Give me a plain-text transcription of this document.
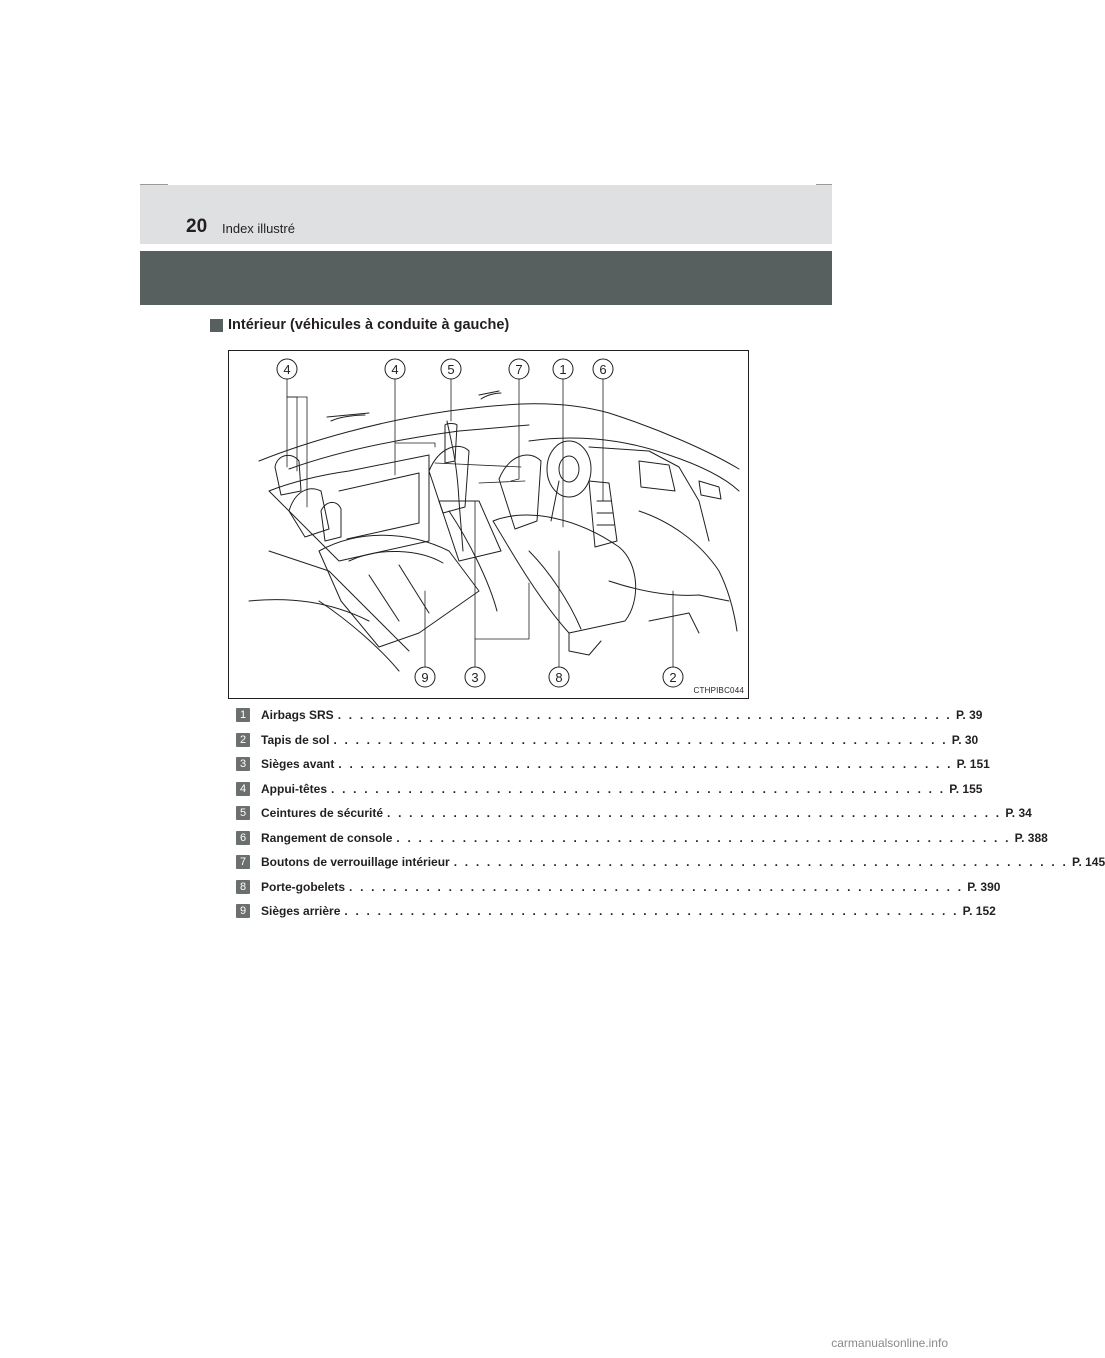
20 Index illustré
Intérieur (véhicules à conduite à gauche)
4	4	5	7	1	6
9	3	8	2
CTHPIBC044
1	Airbags SRS . . . . . . . . . . . . . . . . . . . . . . . . . . . . . . . . . . . . . . . . . . . . . . . . . . . . . . . . P. 39
2	Tapis de sol . . . . . . . . . . . . . . . . . . . . . . . . . . . . . . . . . . . . . . . . . . . . . . . . . . . . . . . . P. 30
3	Sièges avant . . . . . . . . . . . . . . . . . . . . . . . . . . . . . . . . . . . . . . . . . . . . . . . . . . . . . . . . P. 151
4	Appui-têtes . . . . . . . . . . . . . . . . . . . . . . . . . . . . . . . . . . . . . . . . . . . . . . . . . . . . . . . . P. 155
5	Ceintures de sécurité . . . . . . . . . . . . . . . . . . . . . . . . . . . . . . . . . . . . . . . . . . . . . . . . . . . . . . . . P. 34
6	Rangement de console . . . . . . . . . . . . . . . . . . . . . . . . . . . . . . . . . . . . . . . . . . . . . . . . . . . . . . . . P. 388
7	Boutons de verrouillage intérieur . . . . . . . . . . . . . . . . . . . . . . . . . . . . . . . . . . . . . . . . . . . . . . . . . . . . . . . . P. 145
8	Porte-gobelets . . . . . . . . . . . . . . . . . . . . . . . . . . . . . . . . . . . . . . . . . . . . . . . . . . . . . . . . P. 390
9	Sièges arrière . . . . . . . . . . . . . . . . . . . . . . . . . . . . . . . . . . . . . . . . . . . . . . . . . . . . . . . . P. 152
carmanualsonline.info
